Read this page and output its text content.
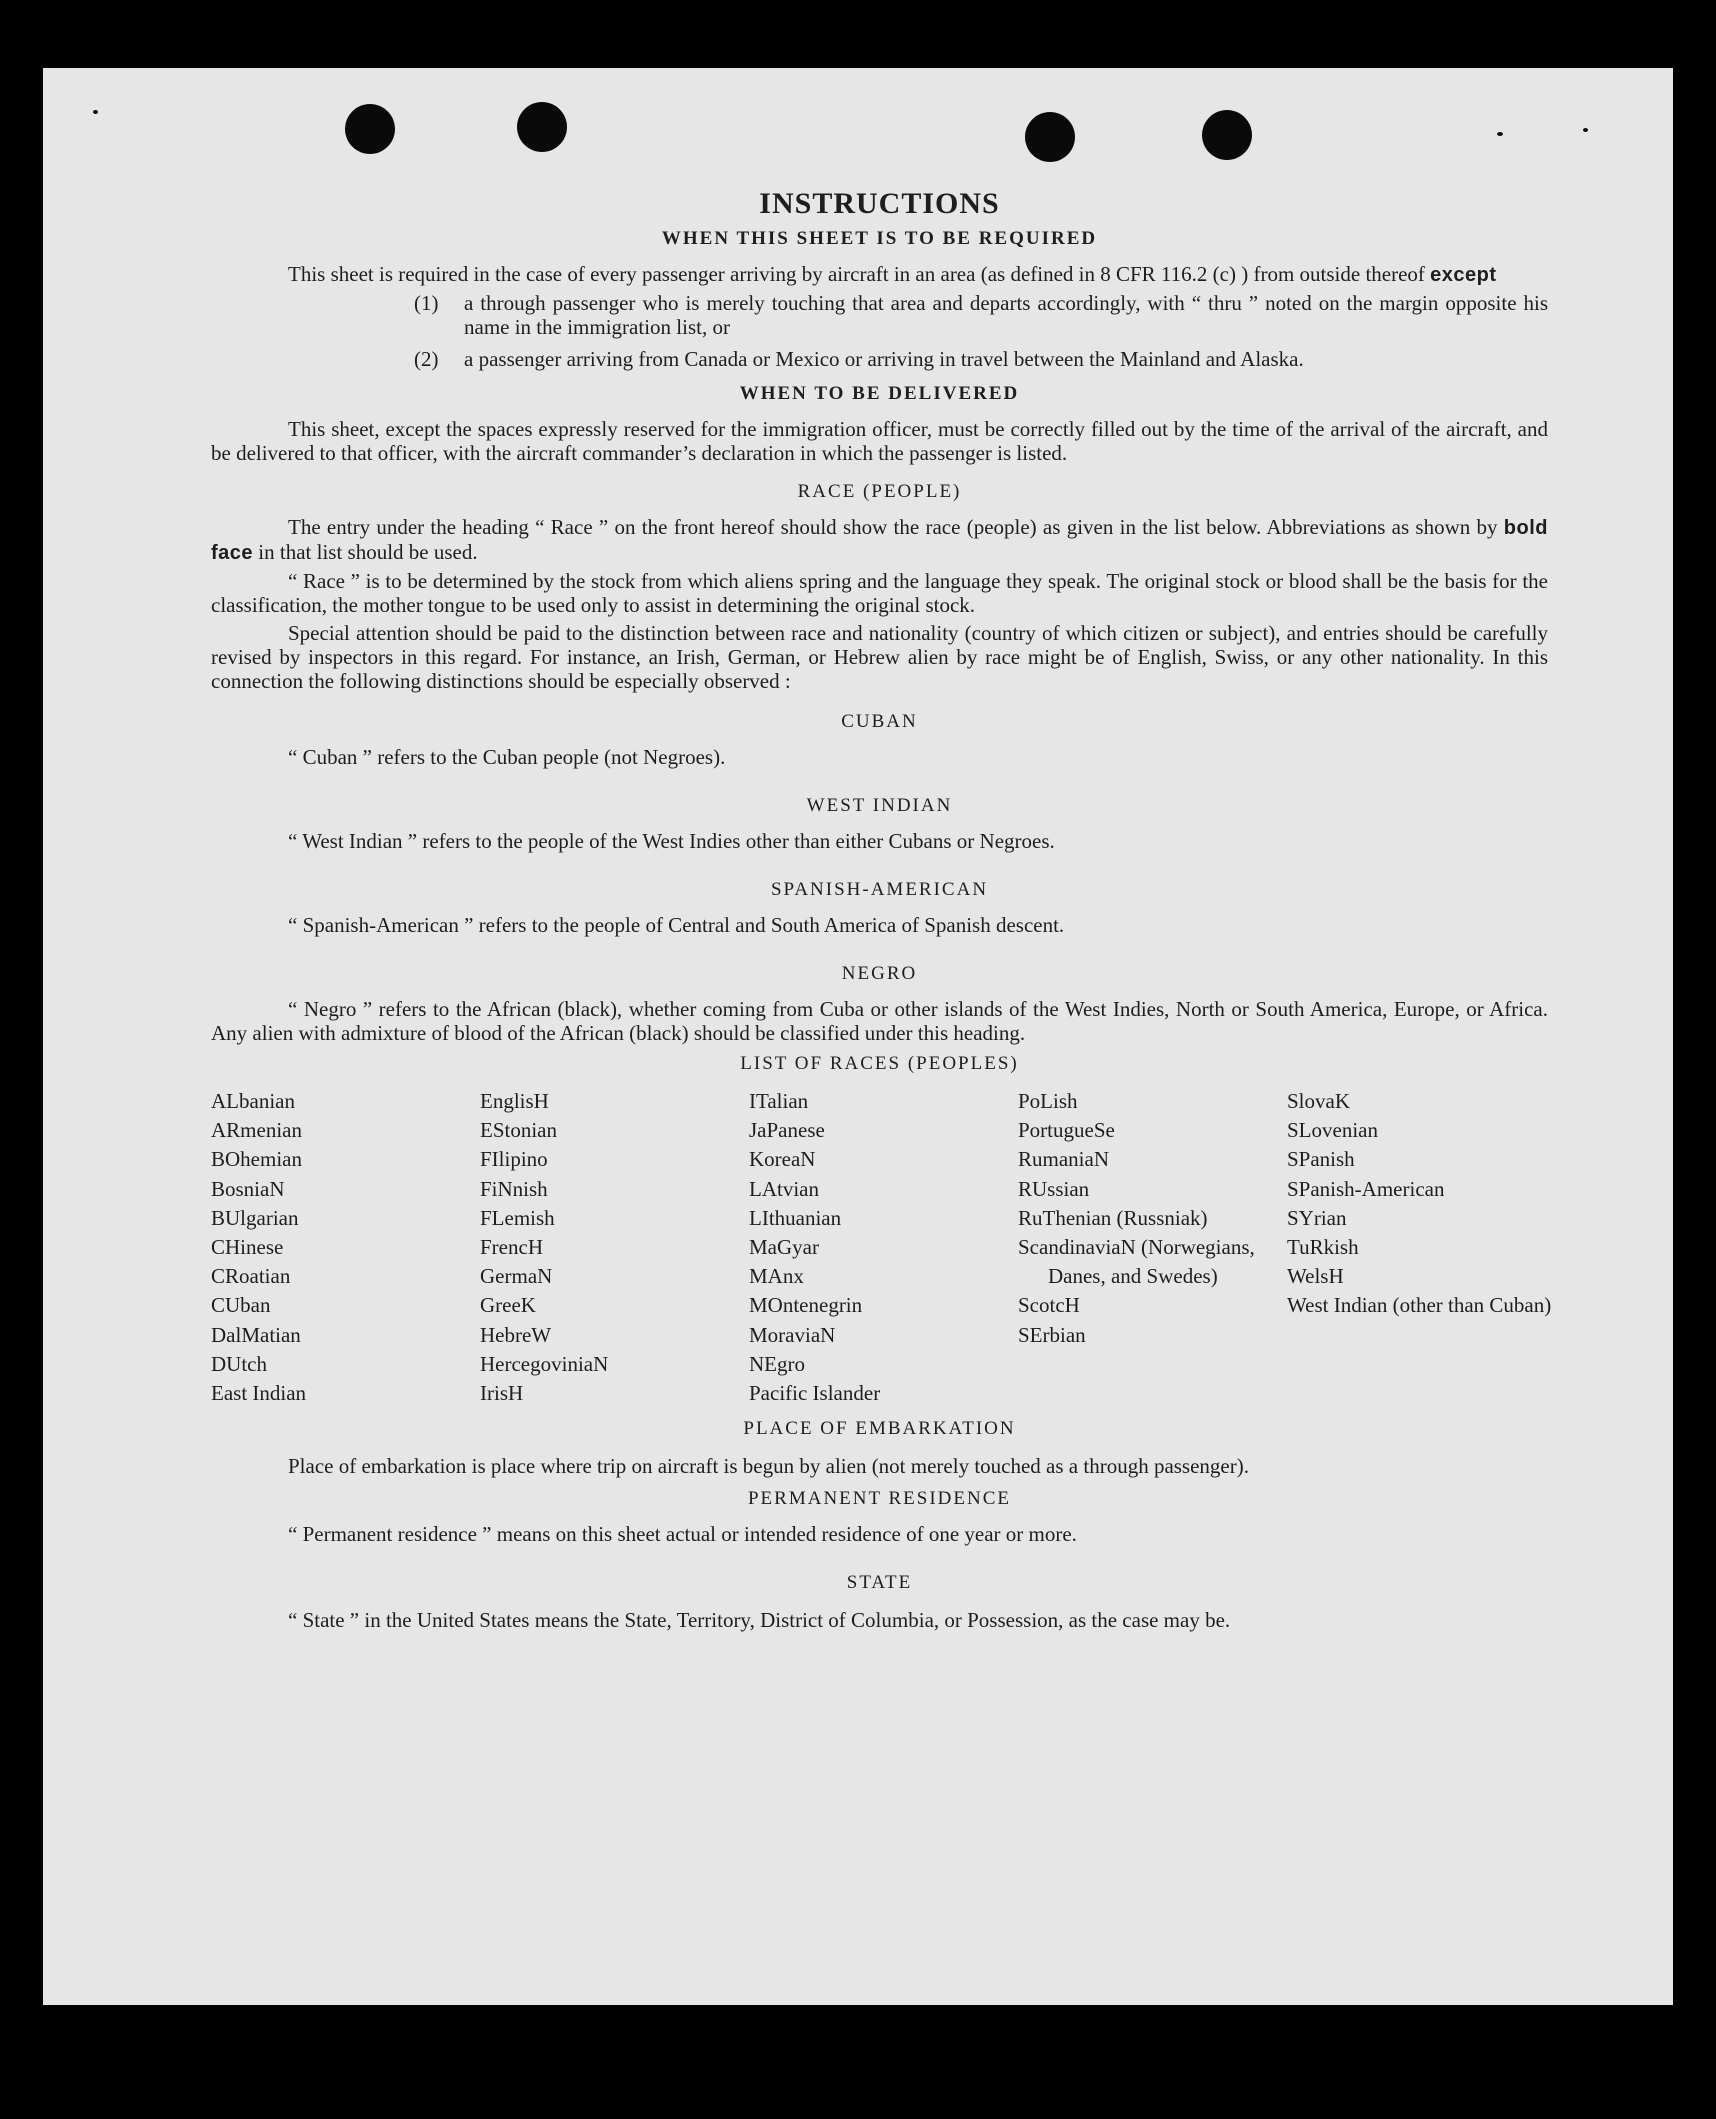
INSTRUCTIONS

WHEN THIS SHEET IS TO BE REQUIRED

This sheet is required in the case of every passenger arriving by aircraft in an area (as defined in 8 CFR 116.2 (c) ) from outside thereof except

(1)	a through passenger who is merely touching that area and departs accordingly, with “ thru ” noted on the margin opposite his name in the immigration list, or
(2)	a passenger arriving from Canada or Mexico or arriving in travel between the Mainland and Alaska.

WHEN TO BE DELIVERED

This sheet, except the spaces expressly reserved for the immigration officer, must be correctly filled out by the time of the arrival of the aircraft, and be delivered to that officer, with the aircraft commander’s declaration in which the passenger is listed.

RACE (PEOPLE)

The entry under the heading “ Race ” on the front hereof should show the race (people) as given in the list below. Abbreviations as shown by bold face in that list should be used.

“ Race ” is to be determined by the stock from which aliens spring and the language they speak. The original stock or blood shall be the basis for the classification, the mother tongue to be used only to assist in determining the original stock.

Special attention should be paid to the distinction between race and nationality (country of which citizen or subject), and entries should be carefully revised by inspectors in this regard. For instance, an Irish, German, or Hebrew alien by race might be of English, Swiss, or any other nationality. In this connection the following distinctions should be especially observed :

CUBAN

“ Cuban ” refers to the Cuban people (not Negroes).

WEST INDIAN

“ West Indian ” refers to the people of the West Indies other than either Cubans or Negroes.

SPANISH-AMERICAN

“ Spanish-American ” refers to the people of Central and South America of Spanish descent.

NEGRO

“ Negro ” refers to the African (black), whether coming from Cuba or other islands of the West Indies, North or South America, Europe, or Africa. Any alien with admixture of blood of the African (black) should be classified under this heading.

LIST OF RACES (PEOPLES)

ALbanian
ARmenian
BOhemian
BosniaN
BUlgarian
CHinese
CRoatian
CUban
DalMatian
DUtch
East Indian
EnglisH
EStonian
FIlipino
FiNnish
FLemish
FrencH
GermaN
GreeK
HebreW
HercegoviniaN
IrisH
ITalian
JaPanese
KoreaN
LAtvian
LIthuanian
MaGyar
MAnx
MOntenegrin
MoraviaN
NEgro
Pacific Islander
PoLish
PortugueSe
RumaniaN
RUssian
RuThenian (Russniak)
ScandinaviaN (Norwegians, Danes, and Swedes)
ScotcH
SErbian
SlovaK
SLovenian
SPanish
SPanish-American
SYrian
TuRkish
WelsH
West Indian (other than Cuban)

PLACE OF EMBARKATION

Place of embarkation is place where trip on aircraft is begun by alien (not merely touched as a through passenger).

PERMANENT RESIDENCE

“ Permanent residence ” means on this sheet actual or intended residence of one year or more.

STATE

“ State ” in the United States means the State, Territory, District of Columbia, or Possession, as the case may be.
